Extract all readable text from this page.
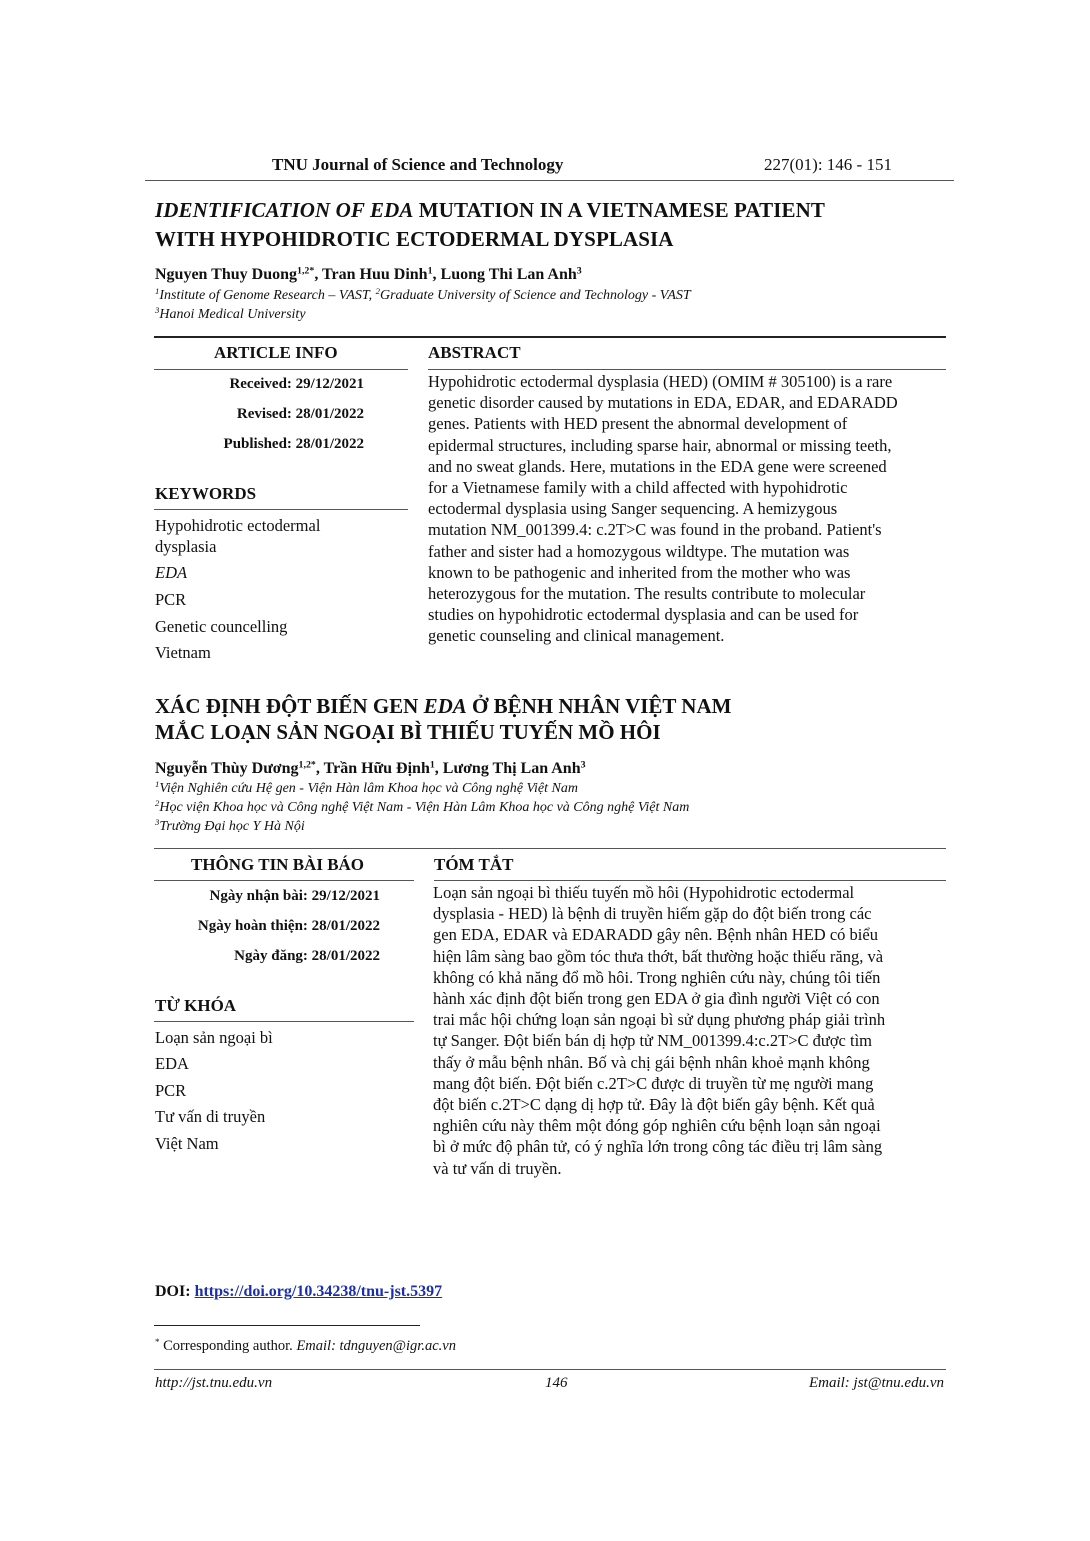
TNU Journal of Science and Technology	227(01): 146 - 151
IDENTIFICATION OF EDA MUTATION IN A VIETNAMESE PATIENT
WITH HYPOHIDROTIC ECTODERMAL DYSPLASIA
Nguyen Thuy Duong$^{1,2*}$, Tran Huu Dinh$^1$, Luong Thi Lan Anh$^3$
$^1$Institute of Genome Research – VAST, $^2$Graduate University of Science and Technology - VAST
$^3$Hanoi Medical University
ARTICLE INFO	ABSTRACT
Received: 29/12/2021
Revised: 28/01/2022
Published: 28/01/2022
KEYWORDS
Hypohidrotic ectodermal
dysplasia
EDA
PCR
Genetic councelling
Vietnam
Hypohidrotic ectodermal dysplasia (HED) (OMIM # 305100) is a rare
genetic disorder caused by mutations in EDA, EDAR, and EDARADD
genes. Patients with HED present the abnormal development of
epidermal structures, including sparse hair, abnormal or missing teeth,
and no sweat glands. Here, mutations in the EDA gene were screened
for a Vietnamese family with a child affected with hypohidrotic
ectodermal dysplasia using Sanger sequencing. A hemizygous
mutation NM_001399.4: c.2T>C was found in the proband. Patient's
father and sister had a homozygous wildtype. The mutation was
known to be pathogenic and inherited from the mother who was
heterozygous for the mutation. The results contribute to molecular
studies on hypohidrotic ectodermal dysplasia and can be used for
genetic counseling and clinical management.
XÁC ĐỊNH ĐỘT BIẾN GEN EDA Ở BỆNH NHÂN VIỆT NAM
MẮC LOẠN SẢN NGOẠI BÌ THIẾU TUYẾN MỒ HÔI
Nguyễn Thùy Dương$^{1,2*}$, Trần Hữu Định$^1$, Lương Thị Lan Anh$^3$
$^1$Viện Nghiên cứu Hệ gen - Viện Hàn lâm Khoa học và Công nghệ Việt Nam
$^2$Học viện Khoa học và Công nghệ Việt Nam - Viện Hàn Lâm Khoa học và Công nghệ Việt Nam
$^3$Trường Đại học Y Hà Nội
THÔNG TIN BÀI BÁO	TÓM TẮT
Ngày nhận bài: 29/12/2021
Ngày hoàn thiện: 28/01/2022
Ngày đăng: 28/01/2022
TỪ KHÓA
Loạn sản ngoại bì
EDA
PCR
Tư vấn di truyền
Việt Nam
Loạn sản ngoại bì thiếu tuyến mồ hôi (Hypohidrotic ectodermal
dysplasia - HED) là bệnh di truyền hiếm gặp do đột biến trong các
gen EDA, EDAR và EDARADD gây nên. Bệnh nhân HED có biểu
hiện lâm sàng bao gồm tóc thưa thớt, bất thường hoặc thiếu răng, và
không có khả năng đổ mồ hôi. Trong nghiên cứu này, chúng tôi tiến
hành xác định đột biến trong gen EDA ở gia đình người Việt có con
trai mắc hội chứng loạn sản ngoại bì sử dụng phương pháp giải trình
tự Sanger. Đột biến bán dị hợp tử NM_001399.4:c.2T>C được tìm
thấy ở mẫu bệnh nhân. Bố và chị gái bệnh nhân khoẻ mạnh không
mang đột biến. Đột biến c.2T>C được di truyền từ mẹ người mang
đột biến c.2T>C dạng dị hợp tử. Đây là đột biến gây bệnh. Kết quả
nghiên cứu này thêm một đóng góp nghiên cứu bệnh loạn sản ngoại
bì ở mức độ phân tử, có ý nghĩa lớn trong công tác điều trị lâm sàng
và tư vấn di truyền.
DOI: https://doi.org/10.34238/tnu-jst.5397
* Corresponding author. Email: tdnguyen@igr.ac.vn
http://jst.tnu.edu.vn	146	Email: jst@tnu.edu.vn
